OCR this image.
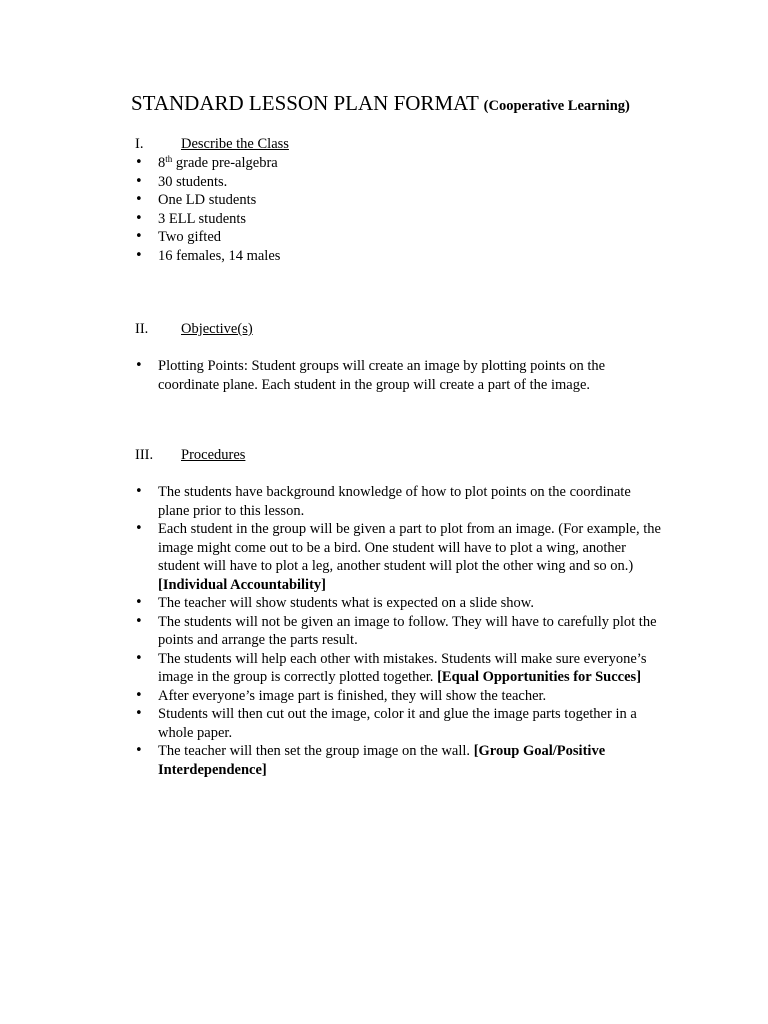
STANDARD LESSON PLAN FORMAT (Cooperative Learning)
I.	Describe the Class
• 8th grade pre-algebra
• 30 students.
• One LD students
• 3 ELL students
• Two gifted
• 16 females, 14 males
II. Objective(s)
• Plotting Points: Student groups will create an image by plotting points on the coordinate plane. Each student in the group will create a part of the image.
III. Procedures
• The students have background knowledge of how to plot points on the coordinate plane prior to this lesson.
• Each student in the group will be given a part to plot from an image. (For example, the image might come out to be a bird. One student will have to plot a wing, another student will have to plot a leg, another student will plot the other wing and so on.) [Individual Accountability]
• The teacher will show students what is expected on a slide show.
• The students will not be given an image to follow. They will have to carefully plot the points and arrange the parts result.
• The students will help each other with mistakes. Students will make sure everyone’s image in the group is correctly plotted together. [Equal Opportunities for Succes]
• After everyone’s image part is finished, they will show the teacher.
• Students will then cut out the image, color it and glue the image parts together in a whole paper.
• The teacher will then set the group image on the wall. [Group Goal/Positive Interdependence]
